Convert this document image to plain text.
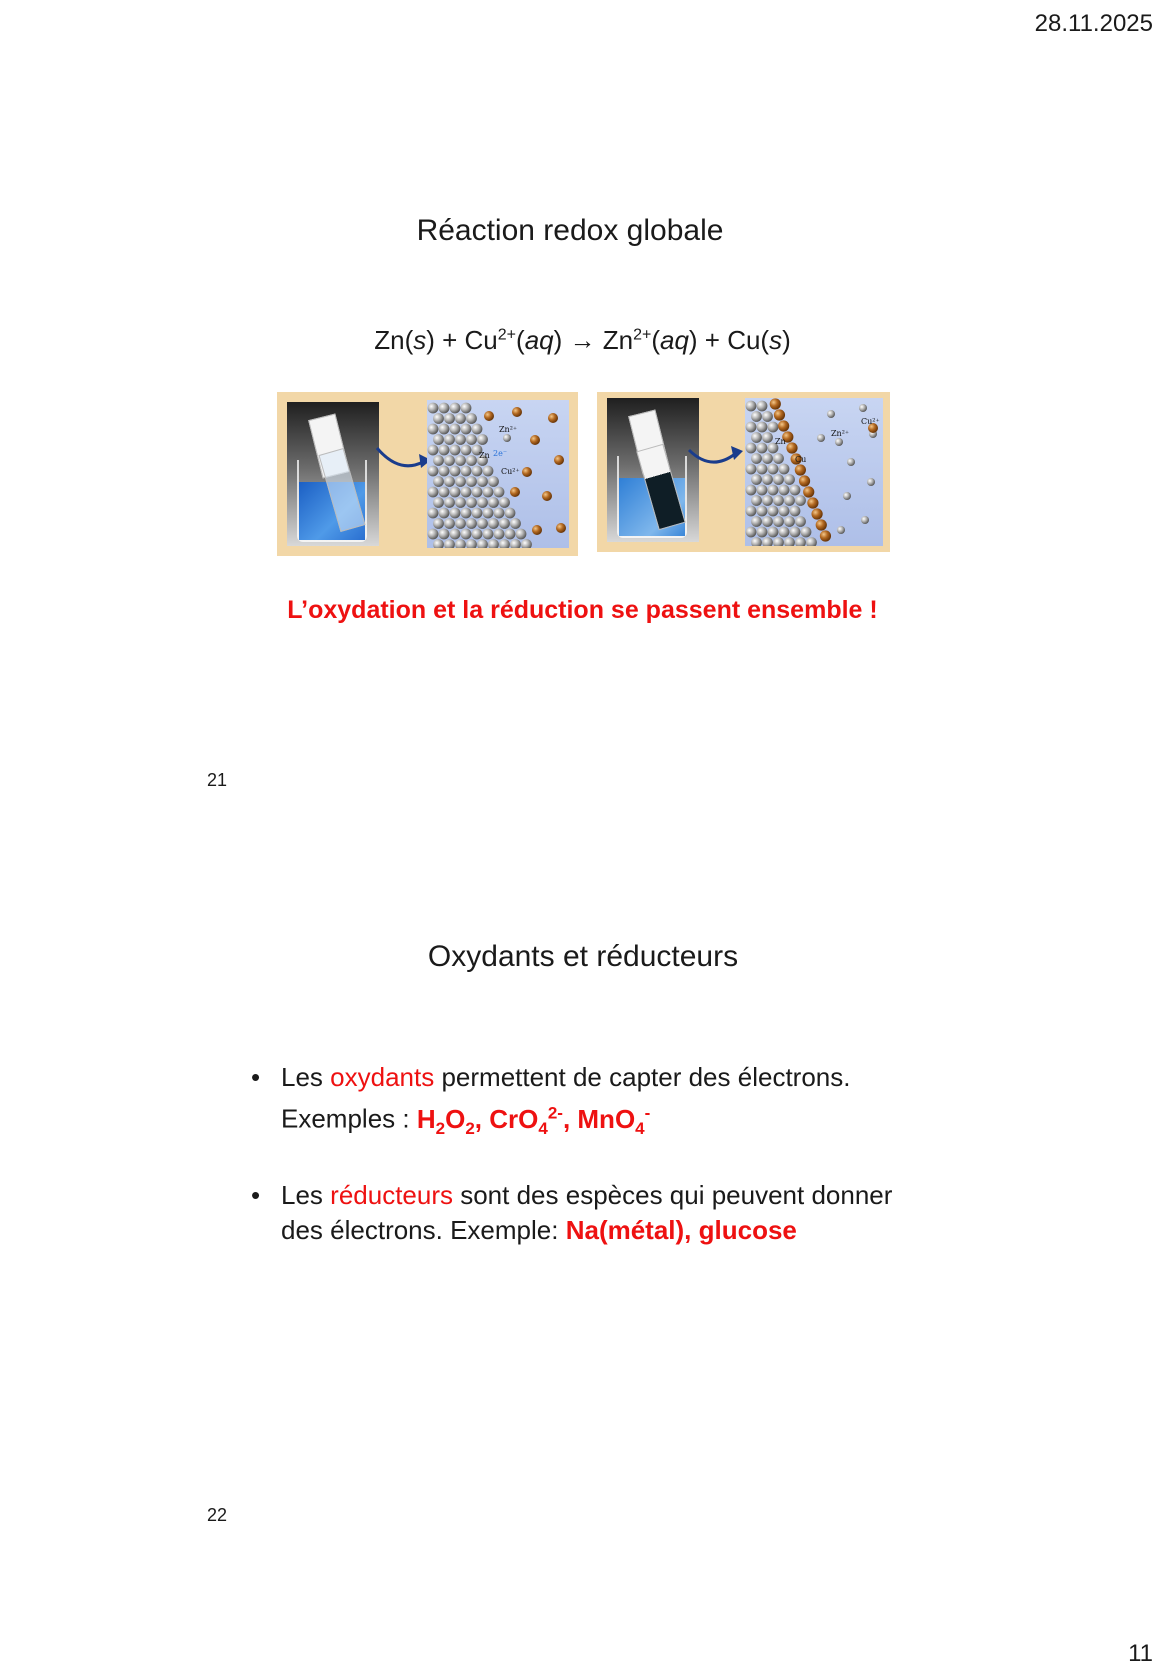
28.11.2025
Réaction redox globale
$Zn(s) + Cu^{2+}(aq) \to Zn^{2+}(aq) + Cu(s)$
Zn²⁺
Zn 2e⁻
Cu²⁺
Zn²⁺
Cu²⁺
Zn
Cu
L’oxydation et la réduction se passent ensemble !
21
Oxydants et réducteurs
• Les oxydants permettent de capter des électrons.
Exemples : $H_2O_2$, CrO$_4^{2-}$, MnO$_4$-
• Les réducteurs sont des espèces qui peuvent donner
des électrons. Exemple: Na(métal), glucose
22
11
